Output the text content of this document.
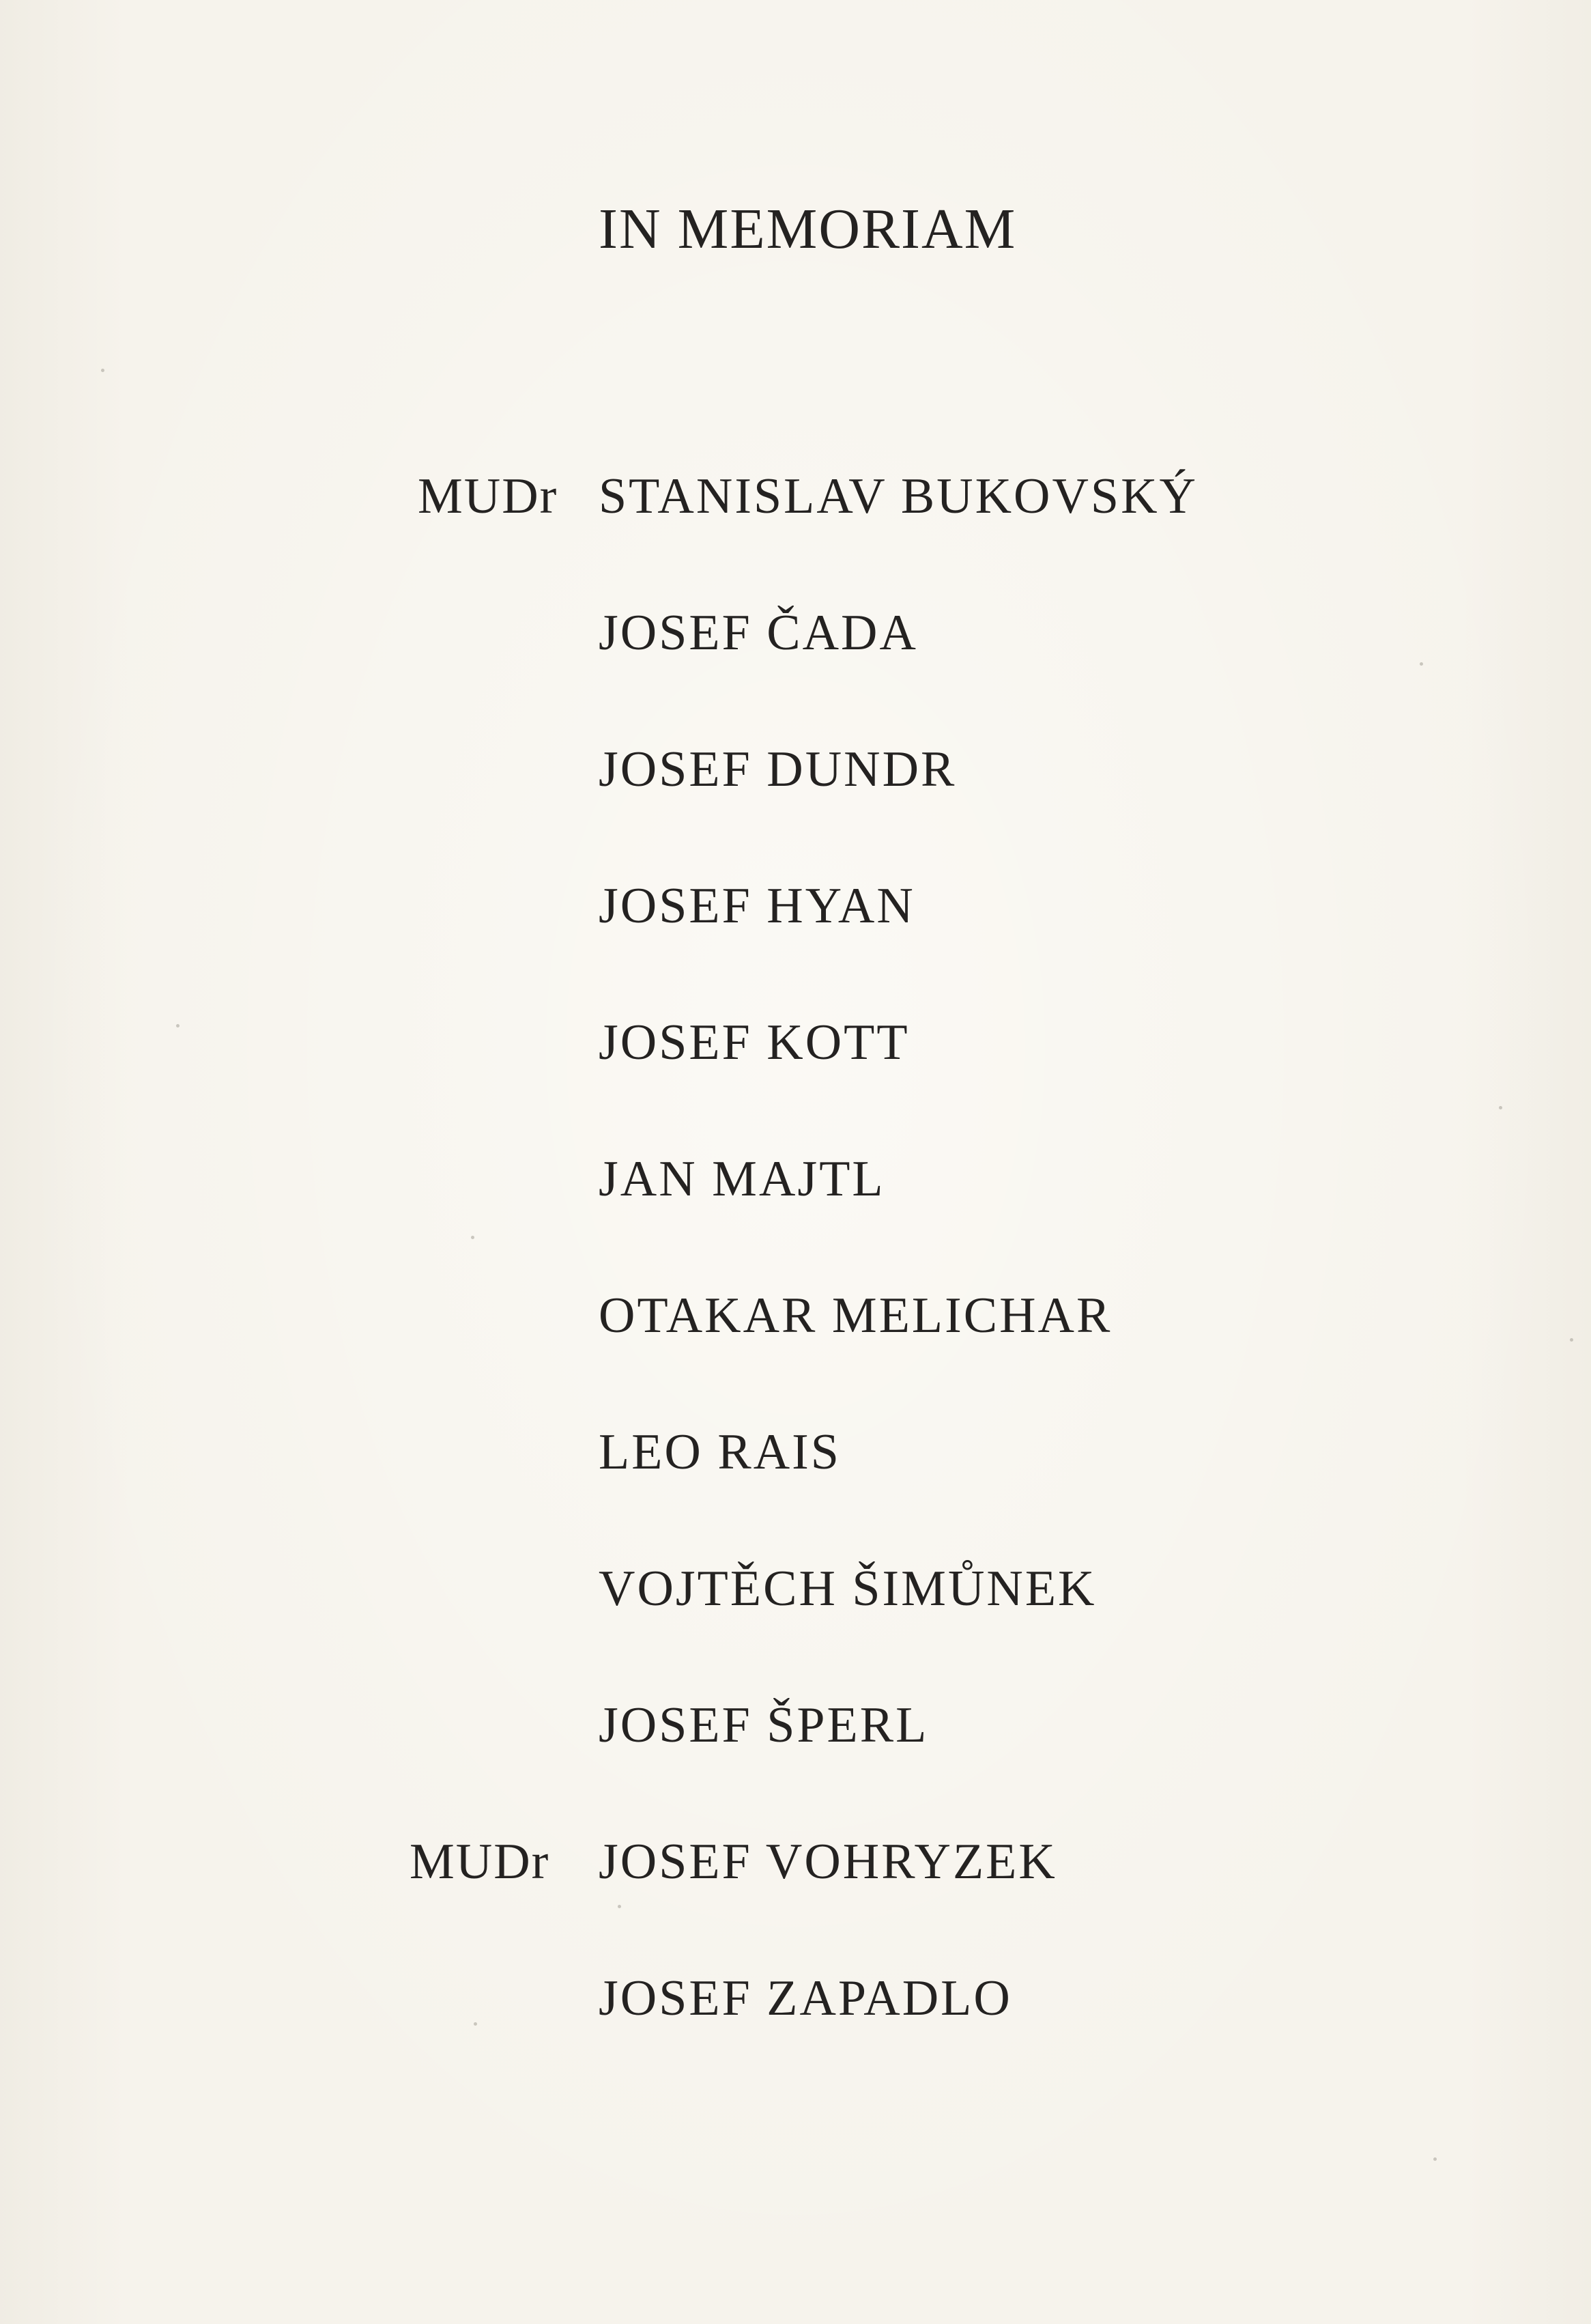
IN MEMORIAM
MUDr STANISLAV BUKOVSKÝ
JOSEF ČADA
JOSEF DUNDR
JOSEF HYAN
JOSEF KOTT
JAN MAJTL
OTAKAR MELICHAR
LEO RAIS
VOJTĚCH ŠIMŮNEK
JOSEF ŠPERL
MUDr JOSEF VOHRYZEK
JOSEF ZAPADLO
